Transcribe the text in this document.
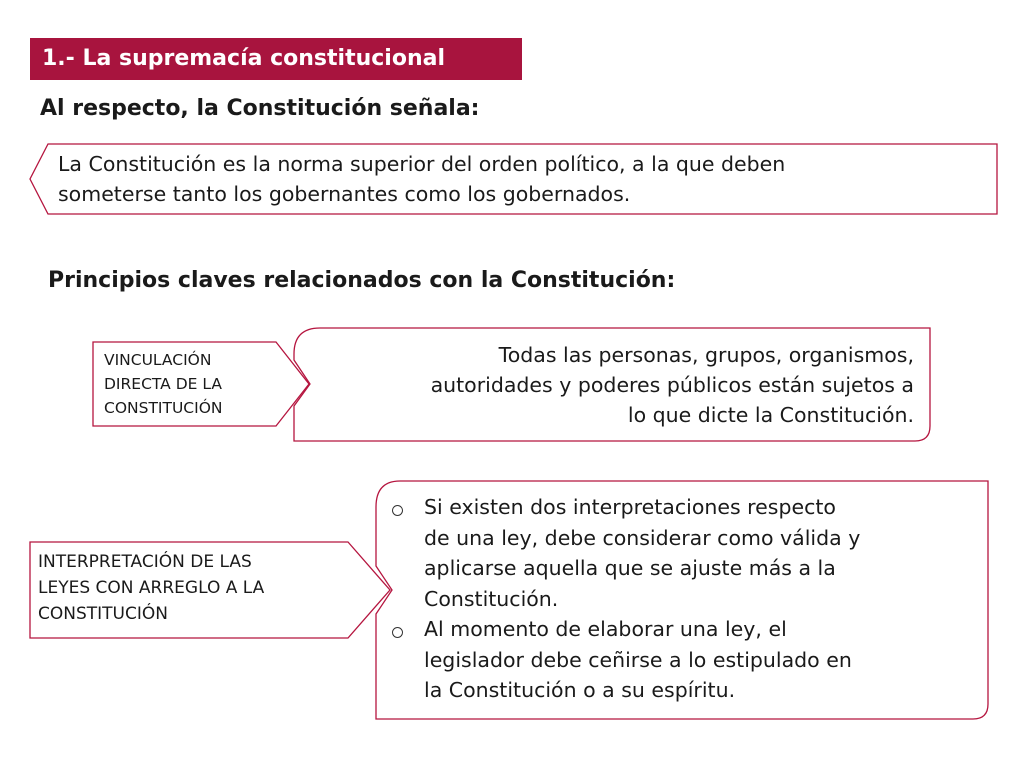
1.- La supremacía constitucional
Al respecto, la Constitución señala:
La Constitución es la norma superior del orden político, a la que deben
someterse tanto los gobernantes como los gobernados.
Principios claves relacionados con la Constitución:
VINCULACIÓN
DIRECTA DE LA
CONSTITUCIÓN
Todas las personas, grupos, organismos,
autoridades y poderes públicos están sujetos a
lo que dicte la Constitución.
INTERPRETACIÓN DE LAS
LEYES CON ARREGLO A LA
CONSTITUCIÓN
Si existen dos interpretaciones respecto
de una ley, debe considerar como válida y
aplicarse aquella que se ajuste más a la
Constitución.
Al momento de elaborar una ley, el
legislador debe ceñirse a lo estipulado en
la Constitución o a su espíritu.
